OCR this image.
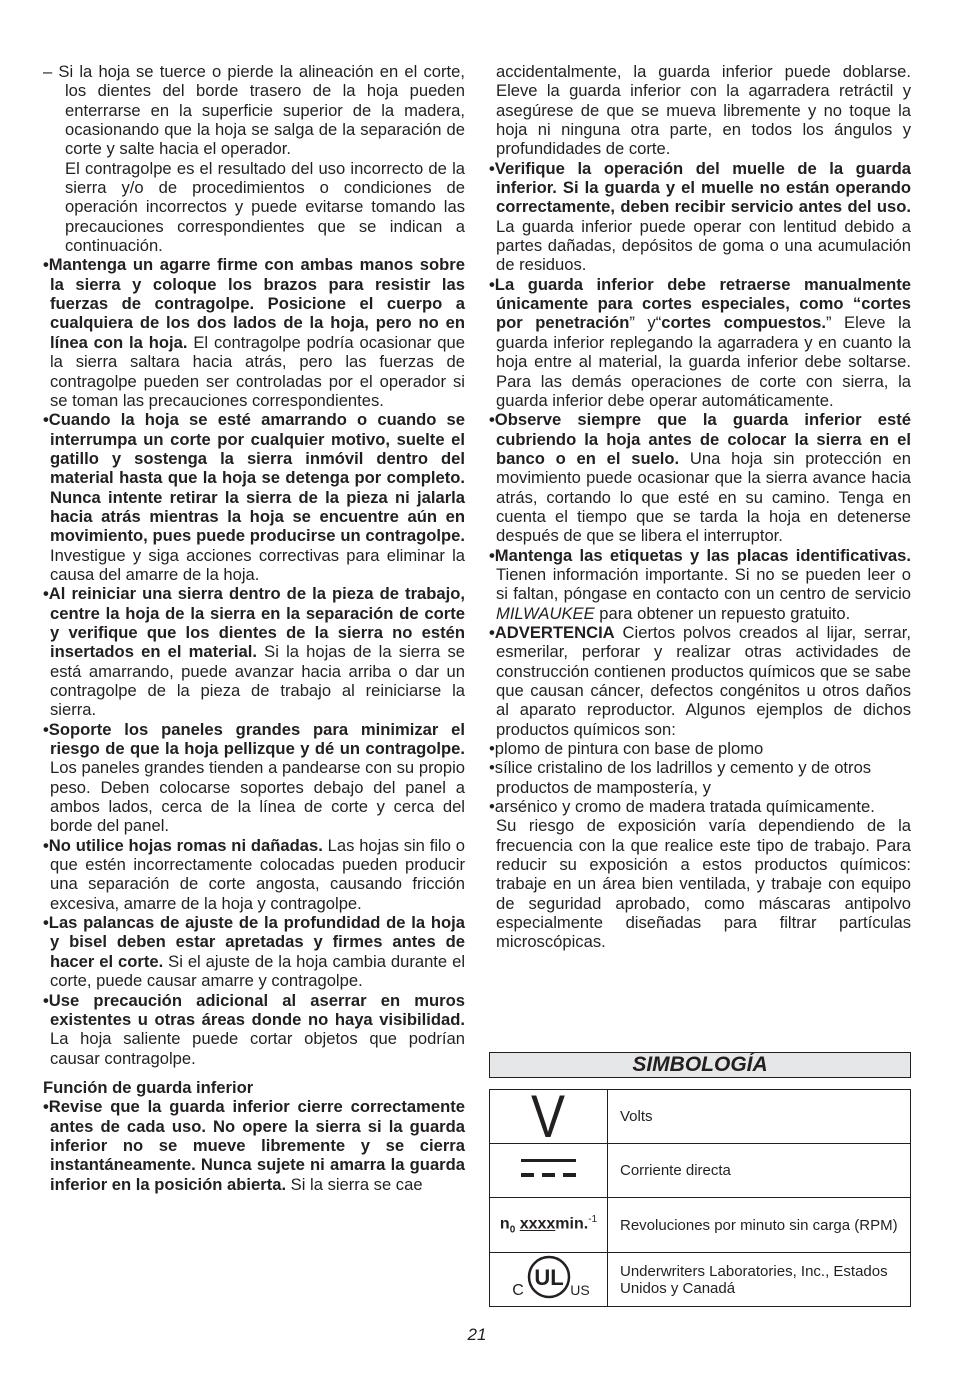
– Si la hoja se tuerce o pierde la alineación en el corte, los dientes del borde trasero de la hoja pueden enterrarse en la superficie superior de la madera, ocasionando que la hoja se salga de la separación de corte y salte hacia el operador.

El contragolpe es el resultado del uso incorrecto de la sierra y/o de procedimientos o condiciones de operación incorrectos y puede evitarse tomando las precauciones correspondientes que se indican a continuación.

•Mantenga un agarre firme con ambas manos sobre la sierra y coloque los brazos para resistir las fuerzas de contragolpe. Posicione el cuerpo a cualquiera de los dos lados de la hoja, pero no en línea con la hoja. El contragolpe podría ocasionar que la sierra saltara hacia atrás, pero las fuerzas de contragolpe pueden ser controladas por el operador si se toman las precauciones correspondientes.

•Cuando la hoja se esté amarrando o cuando se interrumpa un corte por cualquier motivo, suelte el gatillo y sostenga la sierra inmóvil dentro del material hasta que la hoja se detenga por completo. Nunca intente retirar la sierra de la pieza ni jalarla hacia atrás mientras la hoja se encuentre aún en movimiento, pues puede producirse un contragolpe. Investigue y siga acciones correctivas para eliminar la causa del amarre de la hoja.

•Al reiniciar una sierra dentro de la pieza de trabajo, centre la hoja de la sierra en la separación de corte y verifique que los dientes de la sierra no estén insertados en el material. Si la hojas de la sierra se está amarrando, puede avanzar hacia arriba o dar un contragolpe de la pieza de trabajo al reiniciarse la sierra.

•Soporte los paneles grandes para minimizar el riesgo de que la hoja pellizque y dé un contragolpe. Los paneles grandes tienden a pandearse con su propio peso. Deben colocarse soportes debajo del panel a ambos lados, cerca de la línea de corte y cerca del borde del panel.

•No utilice hojas romas ni dañadas. Las hojas sin filo o que estén incorrectamente colocadas pueden producir una separación de corte angosta, causando fricción excesiva, amarre de la hoja y contragolpe.

•Las palancas de ajuste de la profundidad de la hoja y bisel deben estar apretadas y firmes antes de hacer el corte. Si el ajuste de la hoja cambia durante el corte, puede causar amarre y contragolpe.

•Use precaución adicional al aserrar en muros existentes u otras áreas donde no haya visibilidad. La hoja saliente puede cortar objetos que podrían causar contragolpe.

Función de guarda inferior

•Revise que la guarda inferior cierre correctamente antes de cada uso. No opere la sierra si la guarda inferior no se mueve libremente y se cierra instantáneamente. Nunca sujete ni amarra la guarda inferior en la posición abierta. Si la sierra se cae

accidentalmente, la guarda inferior puede doblarse. Eleve la guarda inferior con la agarradera retráctil y asegúrese de que se mueva libremente y no toque la hoja ni ninguna otra parte, en todos los ángulos y profundidades de corte.

•Verifique la operación del muelle de la guarda inferior. Si la guarda y el muelle no están operando correctamente, deben recibir servicio antes del uso. La guarda inferior puede operar con lentitud debido a partes dañadas, depósitos de goma o una acumulación de residuos.

•La guarda inferior debe retraerse manualmente únicamente para cortes especiales, como “cortes por penetración” y“cortes compuestos.” Eleve la guarda inferior replegando la agarradera y en cuanto la hoja entre al material, la guarda inferior debe soltarse. Para las demás operaciones de corte con sierra, la guarda inferior debe operar automáticamente.

•Observe siempre que la guarda inferior esté cubriendo la hoja antes de colocar la sierra en el banco o en el suelo. Una hoja sin protección en movimiento puede ocasionar que la sierra avance hacia atrás, cortando lo que esté en su camino. Tenga en cuenta el tiempo que se tarda la hoja en detenerse después de que se libera el interruptor.

•Mantenga las etiquetas y las placas identificativas. Tienen información importante. Si no se pueden leer o si faltan, póngase en contacto con un centro de servicio MILWAUKEE para obtener un repuesto gratuito.

•ADVERTENCIA Ciertos polvos creados al lijar, serrar, esmerilar, perforar y realizar otras actividades de construcción contienen productos químicos que se sabe que causan cáncer, defectos congénitos u otros daños al aparato reproductor. Algunos ejemplos de dichos productos químicos son:

•plomo de pintura con base de plomo

•sílice cristalino de los ladrillos y cemento y de otros productos de mampostería, y

•arsénico y cromo de madera tratada químicamente.

Su riesgo de exposición varía dependiendo de la frecuencia con la que realice este tipo de trabajo. Para reducir su exposición a estos productos químicos: trabaje en un área bien ventilada, y trabaje con equipo de seguridad aprobado, como máscaras antipolvo especialmente diseñadas para filtrar partículas microscópicas.

SIMBOLOGÍA
V	Volts
	Corriente directa
$n_0$ xxxxmin.$^{-1}$	Revoluciones por minuto sin carga (RPM)

UL
C US	Underwriters Laboratories, Inc., Estados Unidos y Canadá
21
